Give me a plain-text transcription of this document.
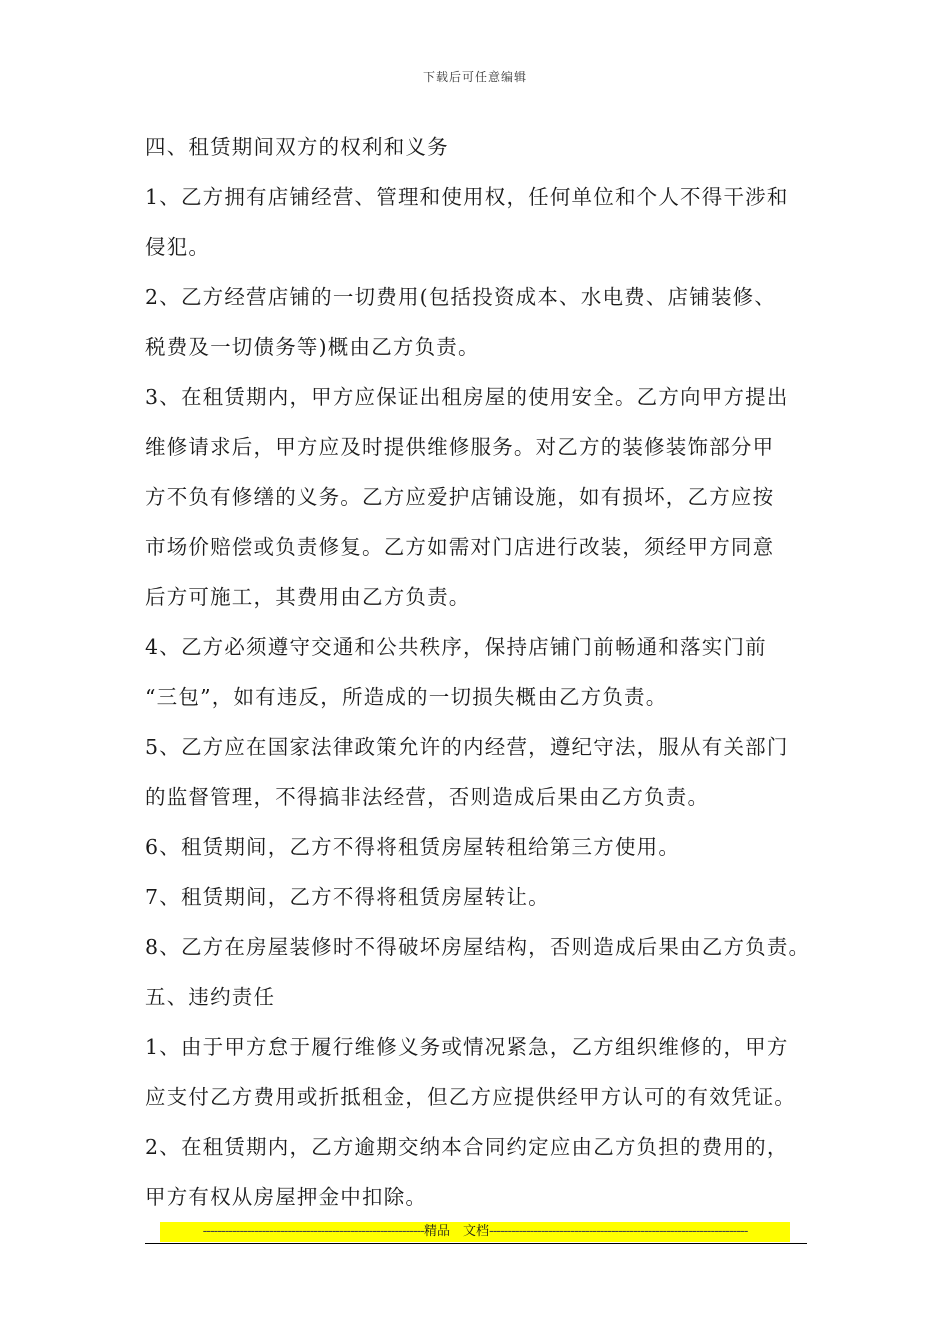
下载后可任意编辑
四、租赁期间双方的权利和义务
1、乙方拥有店铺经营、管理和使用权，任何单位和个人不得干涉和
侵犯。
2、乙方经营店铺的一切费用(包括投资成本、水电费、店铺装修、
税费及一切债务等)概由乙方负责。
3、在租赁期内，甲方应保证出租房屋的使用安全。乙方向甲方提出
维修请求后，甲方应及时提供维修服务。对乙方的装修装饰部分甲
方不负有修缮的义务。乙方应爱护店铺设施，如有损坏，乙方应按
市场价赔偿或负责修复。乙方如需对门店进行改装，须经甲方同意
后方可施工，其费用由乙方负责。
4、乙方必须遵守交通和公共秩序，保持店铺门前畅通和落实门前
“三包”，如有违反，所造成的一切损失概由乙方负责。
5、乙方应在国家法律政策允许的内经营，遵纪守法，服从有关部门
的监督管理，不得搞非法经营，否则造成后果由乙方负责。
6、租赁期间，乙方不得将租赁房屋转租给第三方使用。
7、租赁期间，乙方不得将租赁房屋转让。
8、乙方在房屋装修时不得破坏房屋结构，否则造成后果由乙方负责。
五、违约责任
1、由于甲方怠于履行维修义务或情况紧急，乙方组织维修的，甲方
应支付乙方费用或折抵租金，但乙方应提供经甲方认可的有效凭证。
2、在租赁期内，乙方逾期交纳本合同约定应由乙方负担的费用的，
甲方有权从房屋押金中扣除。
------------------------------------------------------------精品　文档----------------------------------------------------------------------
